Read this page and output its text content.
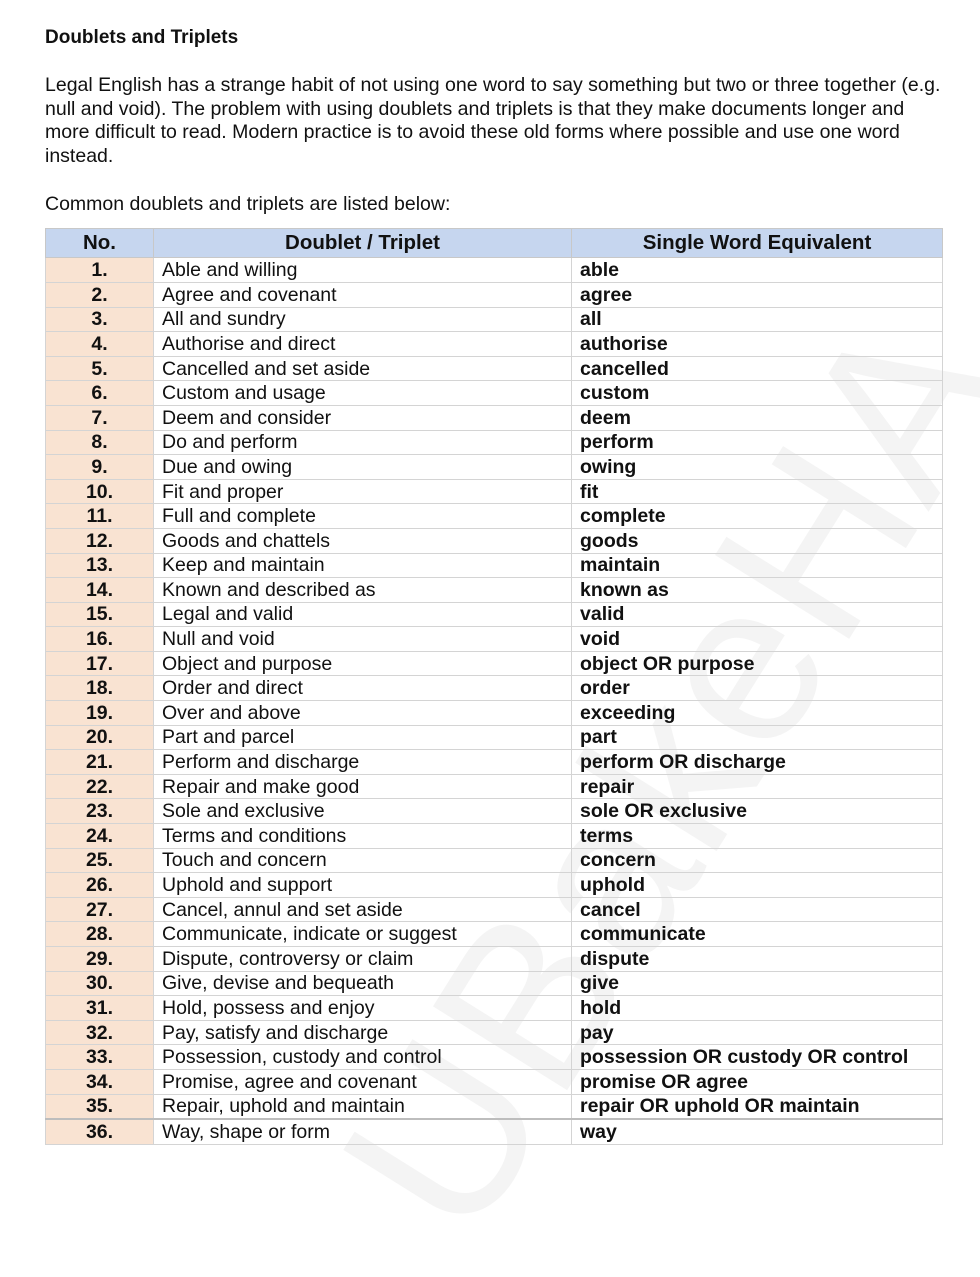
Doublets and Triplets

Legal English has a strange habit of not using one word to say something but two or three together (e.g. null and void). The problem with using doublets and triplets is that they make documents longer and more difficult to read. Modern practice is to avoid these old forms where possible and use one word instead.

Common doublets and triplets are listed below:

No.	Doublet / Triplet	Single Word Equivalent
1.	Able and willing	able
2.	Agree and covenant	agree
3.	All and sundry	all
4.	Authorise and direct	authorise
5.	Cancelled and set aside	cancelled
6.	Custom and usage	custom
7.	Deem and consider	deem
8.	Do and perform	perform
9.	Due and owing	owing
10.	Fit and proper	fit
11.	Full and complete	complete
12.	Goods and chattels	goods
13.	Keep and maintain	maintain
14.	Known and described as	known as
15.	Legal and valid	valid
16.	Null and void	void
17.	Object and purpose	object OR purpose
18.	Order and direct	order
19.	Over and above	exceeding
20.	Part and parcel	part
21.	Perform and discharge	perform OR discharge
22.	Repair and make good	repair
23.	Sole and exclusive	sole OR exclusive
24.	Terms and conditions	terms
25.	Touch and concern	concern
26.	Uphold and support	uphold
27.	Cancel, annul and set aside	cancel
28.	Communicate, indicate or suggest	communicate
29.	Dispute, controversy or claim	dispute
30.	Give, devise and bequeath	give
31.	Hold, possess and enjoy	hold
32.	Pay, satisfy and discharge	pay
33.	Possession, custody and control	possession OR custody OR control
34.	Promise, agree and covenant	promise OR agree
35.	Repair, uphold and maintain	repair OR uphold OR maintain
36.	Way, shape or form	way
